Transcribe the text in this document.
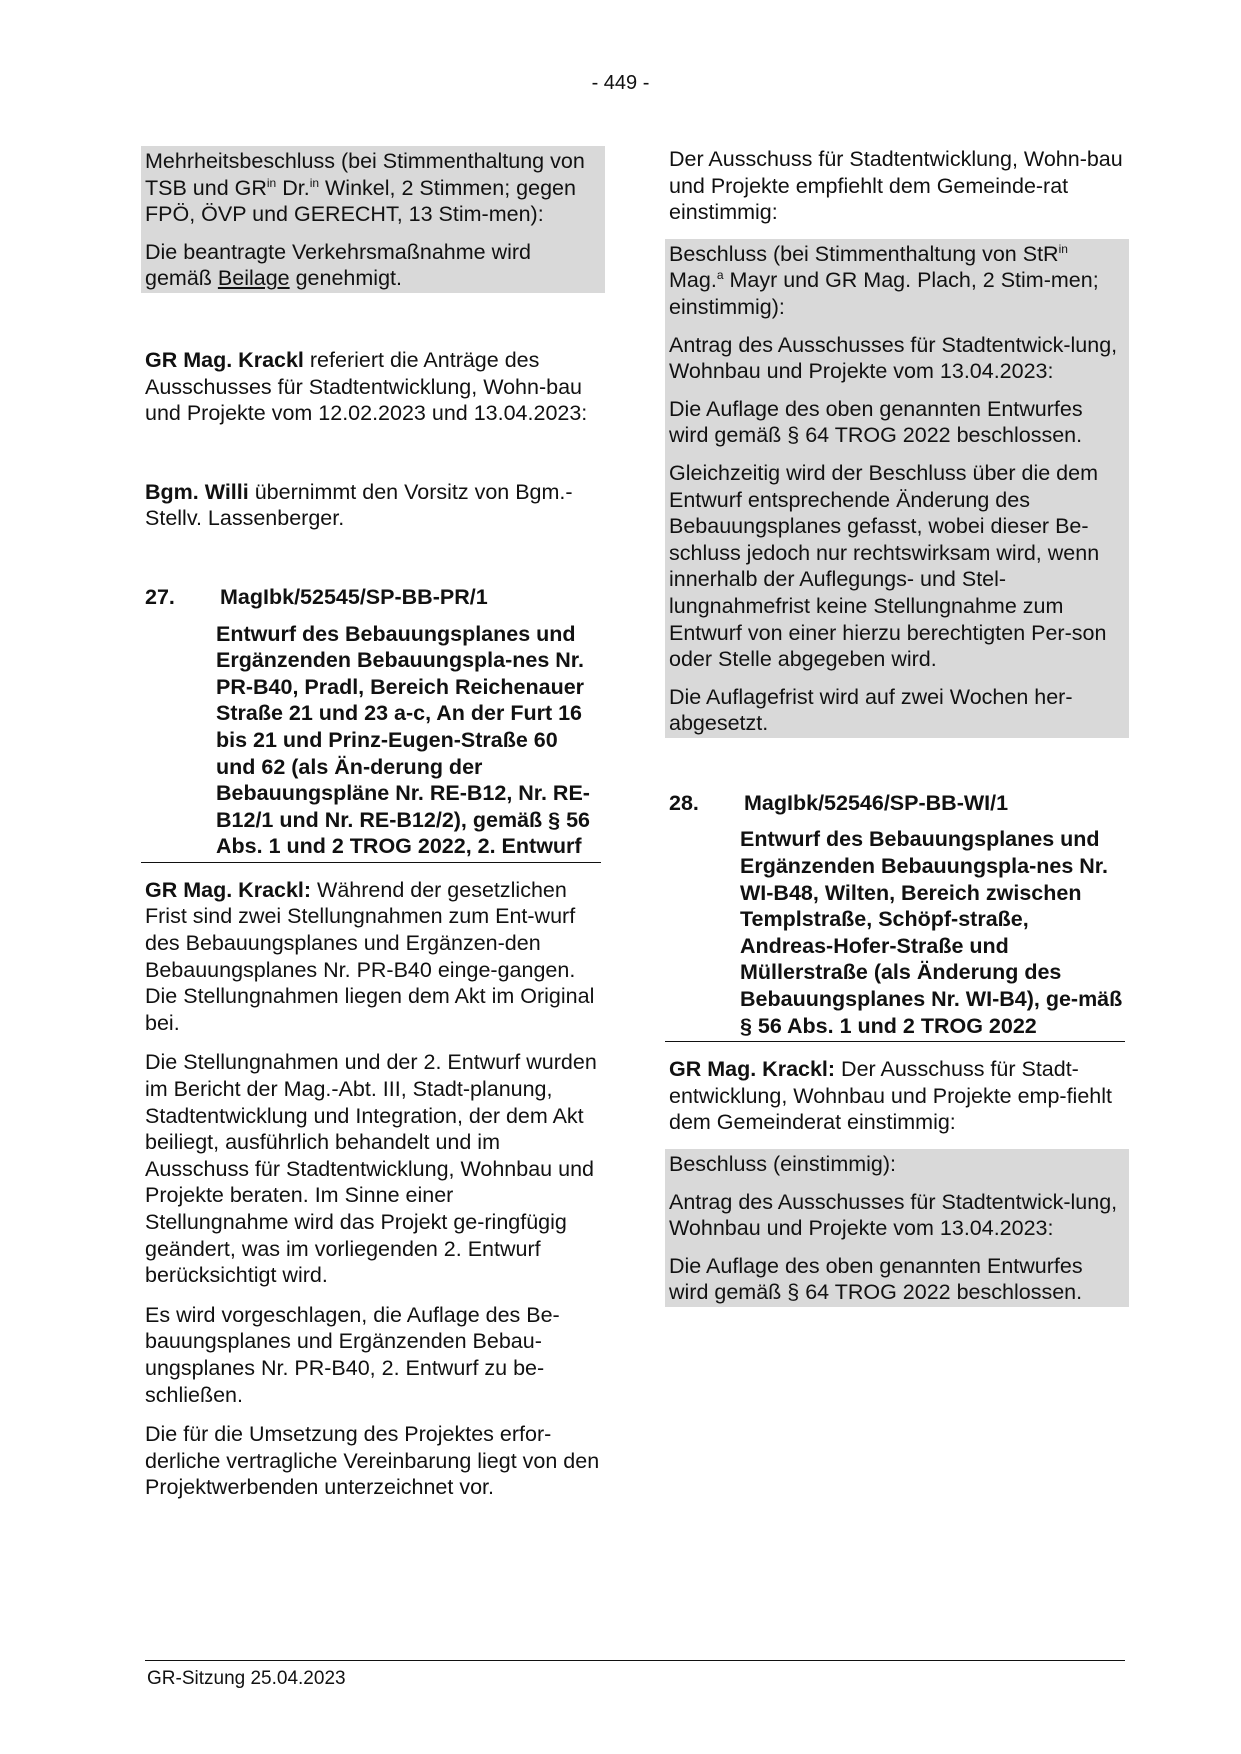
- 449 -

Mehrheitsbeschluss (bei Stimmenthaltung von TSB und $GR^{in}$ Dr.$^{in}$ Winkel, 2 Stimmen; gegen FPÖ, ÖVP und GERECHT, 13 Stim-men):

Die beantragte Verkehrsmaßnahme wird gemäß Beilage genehmigt.

GR Mag. Krackl referiert die Anträge des Ausschusses für Stadtentwicklung, Wohn-bau und Projekte vom 12.02.2023 und 13.04.2023:

Bgm. Willi übernimmt den Vorsitz von Bgm.-Stellv. Lassenberger.

27.	MagIbk/52545/SP-BB-PR/1
Entwurf des Bebauungsplanes und Ergänzenden Bebauungspla-nes Nr. PR-B40, Pradl, Bereich Reichenauer Straße 21 und 23 a-c, An der Furt 16 bis 21 und Prinz-Eugen-Straße 60 und 62 (als Än-derung der Bebauungspläne Nr. RE-B12, Nr. RE-B12/1 und Nr. RE-B12/2), gemäß § 56 Abs. 1 und 2 TROG 2022, 2. Entwurf

GR Mag. Krackl: Während der gesetzlichen Frist sind zwei Stellungnahmen zum Ent-wurf des Bebauungsplanes und Ergänzen-den Bebauungsplanes Nr. PR-B40 einge-gangen. Die Stellungnahmen liegen dem Akt im Original bei.

Die Stellungnahmen und der 2. Entwurf wurden im Bericht der Mag.-Abt. III, Stadt-planung, Stadtentwicklung und Integration, der dem Akt beiliegt, ausführlich behandelt und im Ausschuss für Stadtentwicklung, Wohnbau und Projekte beraten. Im Sinne einer Stellungnahme wird das Projekt ge-ringfügig geändert, was im vorliegenden 2. Entwurf berücksichtigt wird.

Es wird vorgeschlagen, die Auflage des Be-bauungsplanes und Ergänzenden Bebau-ungsplanes Nr. PR-B40, 2. Entwurf zu be-schließen.

Die für die Umsetzung des Projektes erfor-derliche vertragliche Vereinbarung liegt von den Projektwerbenden unterzeichnet vor.

Der Ausschuss für Stadtentwicklung, Wohn-bau und Projekte empfiehlt dem Gemeinde-rat einstimmig:

Beschluss (bei Stimmenthaltung von StR$^{in}$ Mag.$^a$ Mayr und GR Mag. Plach, 2 Stim-men; einstimmig):

Antrag des Ausschusses für Stadtentwick-lung, Wohnbau und Projekte vom 13.04.2023:

Die Auflage des oben genannten Entwurfes wird gemäß § 64 TROG 2022 beschlossen.

Gleichzeitig wird der Beschluss über die dem Entwurf entsprechende Änderung des Bebauungsplanes gefasst, wobei dieser Be-schluss jedoch nur rechtswirksam wird, wenn innerhalb der Auflegungs- und Stel-lungnahmefrist keine Stellungnahme zum Entwurf von einer hierzu berechtigten Per-son oder Stelle abgegeben wird.

Die Auflagefrist wird auf zwei Wochen her-abgesetzt.

28.	MagIbk/52546/SP-BB-WI/1
Entwurf des Bebauungsplanes und Ergänzenden Bebauungspla-nes Nr. WI-B48, Wilten, Bereich zwischen Templstraße, Schöpf-straße, Andreas-Hofer-Straße und Müllerstraße (als Änderung des Bebauungsplanes Nr. WI-B4), ge-mäß § 56 Abs. 1 und 2 TROG 2022

GR Mag. Krackl: Der Ausschuss für Stadt-entwicklung, Wohnbau und Projekte emp-fiehlt dem Gemeinderat einstimmig:

Beschluss (einstimmig):

Antrag des Ausschusses für Stadtentwick-lung, Wohnbau und Projekte vom 13.04.2023:

Die Auflage des oben genannten Entwurfes wird gemäß § 64 TROG 2022 beschlossen.

GR-Sitzung 25.04.2023
